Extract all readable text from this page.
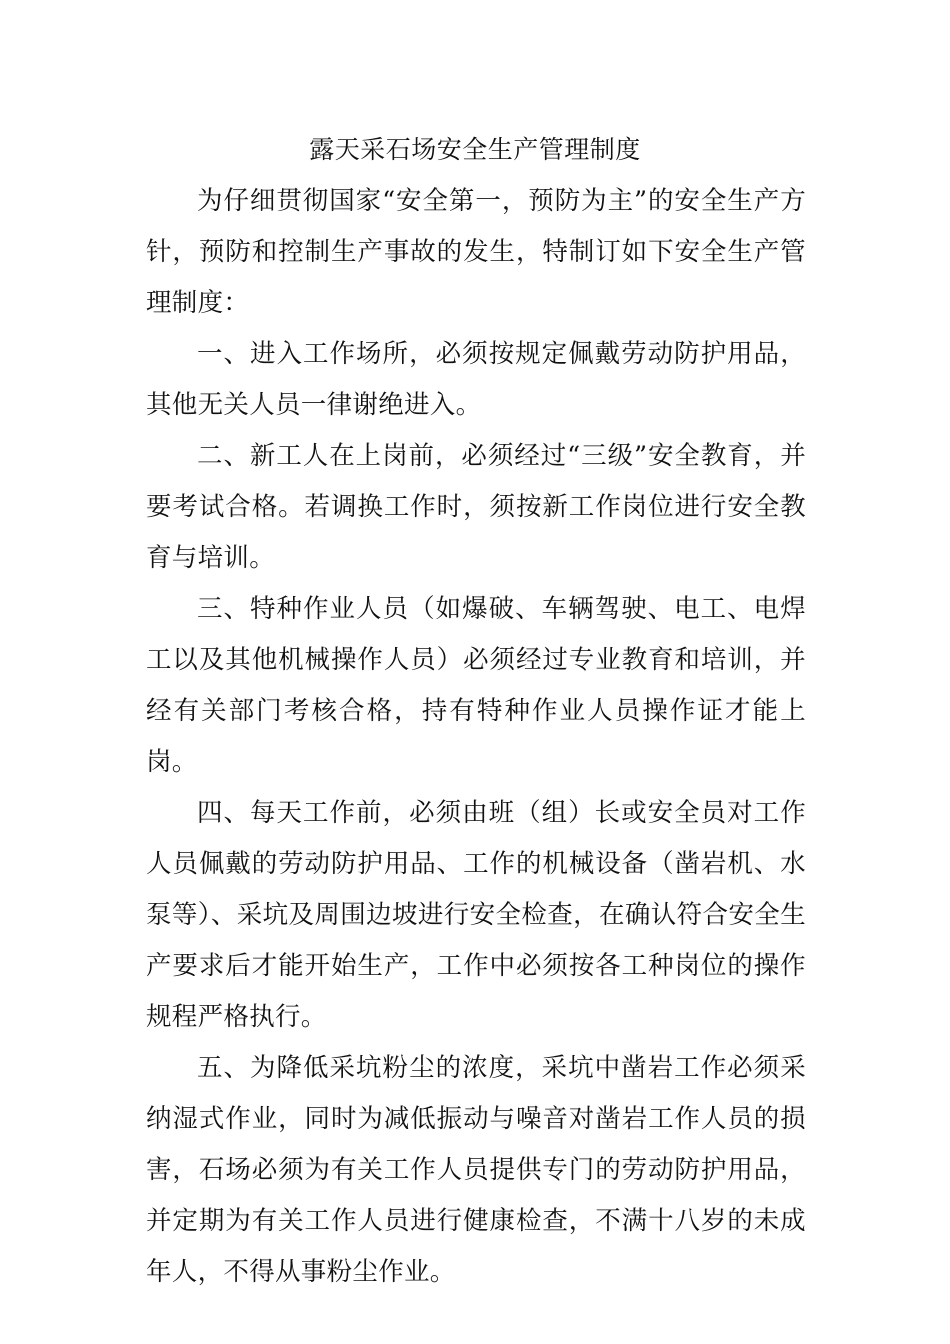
露天采石场安全生产管理制度

为仔细贯彻国家“安全第一，预防为主”的安全生产方针，预防和控制生产事故的发生，特制订如下安全生产管理制度：

一、进入工作场所，必须按规定佩戴劳动防护用品，其他无关人员一律谢绝进入。

二、新工人在上岗前，必须经过“三级”安全教育，并要考试合格。若调换工作时，须按新工作岗位进行安全教育与培训。

三、特种作业人员（如爆破、车辆驾驶、电工、电焊工以及其他机械操作人员）必须经过专业教育和培训，并经有关部门考核合格，持有特种作业人员操作证才能上岗。

四、每天工作前，必须由班（组）长或安全员对工作人员佩戴的劳动防护用品、工作的机械设备（凿岩机、水泵等）、采坑及周围边坡进行安全检查，在确认符合安全生产要求后才能开始生产，工作中必须按各工种岗位的操作规程严格执行。

五、为降低采坑粉尘的浓度，采坑中凿岩工作必须采纳湿式作业，同时为减低振动与噪音对凿岩工作人员的损害，石场必须为有关工作人员提供专门的劳动防护用品，并定期为有关工作人员进行健康检查，不满十八岁的未成年人，不得从事粉尘作业。
